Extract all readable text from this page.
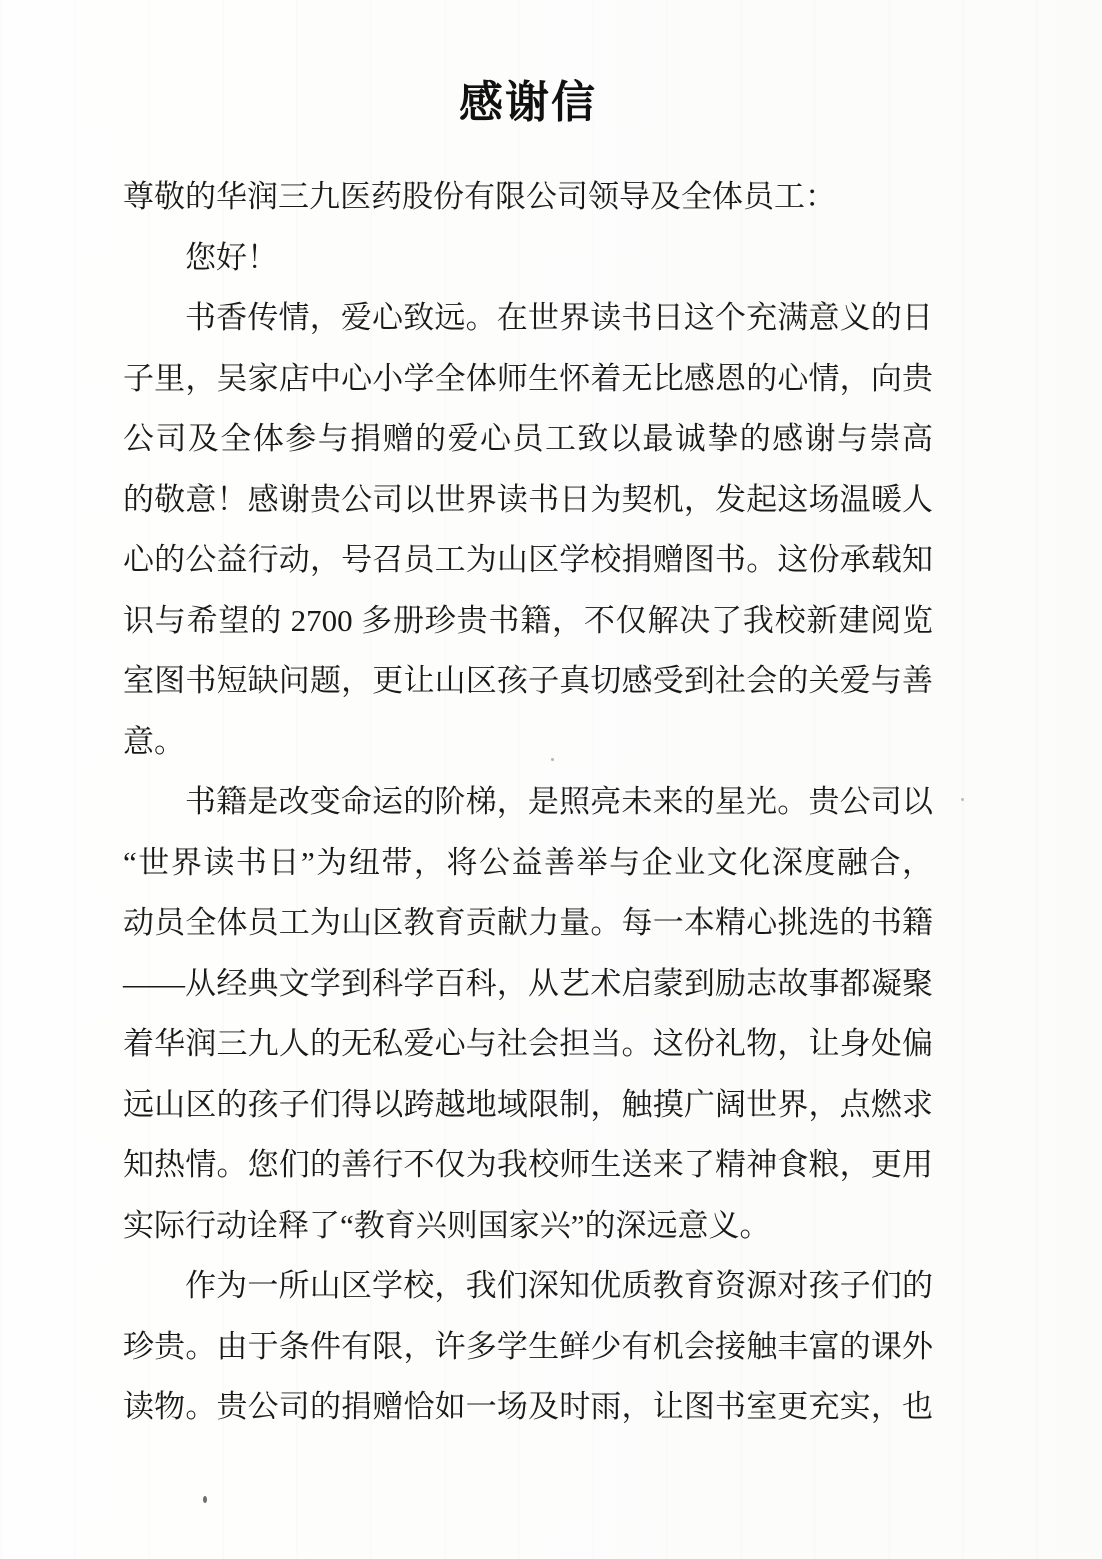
感谢信
尊敬的华润三九医药股份有限公司领导及全体员工：
您好！
书香传情，爱心致远。在世界读书日这个充满意义的日
子里，吴家店中心小学全体师生怀着无比感恩的心情，向贵
公司及全体参与捐赠的爱心员工致以最诚挚的感谢与崇高
的敬意！感谢贵公司以世界读书日为契机，发起这场温暖人
心的公益行动，号召员工为山区学校捐赠图书。这份承载知
识与希望的 2700 多册珍贵书籍，不仅解决了我校新建阅览
室图书短缺问题，更让山区孩子真切感受到社会的关爱与善
意。
书籍是改变命运的阶梯，是照亮未来的星光。贵公司以
“世界读书日”为纽带，将公益善举与企业文化深度融合，
动员全体员工为山区教育贡献力量。每一本精心挑选的书籍
——从经典文学到科学百科，从艺术启蒙到励志故事都凝聚
着华润三九人的无私爱心与社会担当。这份礼物，让身处偏
远山区的孩子们得以跨越地域限制，触摸广阔世界，点燃求
知热情。您们的善行不仅为我校师生送来了精神食粮，更用
实际行动诠释了“教育兴则国家兴”的深远意义。
作为一所山区学校，我们深知优质教育资源对孩子们的
珍贵。由于条件有限，许多学生鲜少有机会接触丰富的课外
读物。贵公司的捐赠恰如一场及时雨，让图书室更充实，也
